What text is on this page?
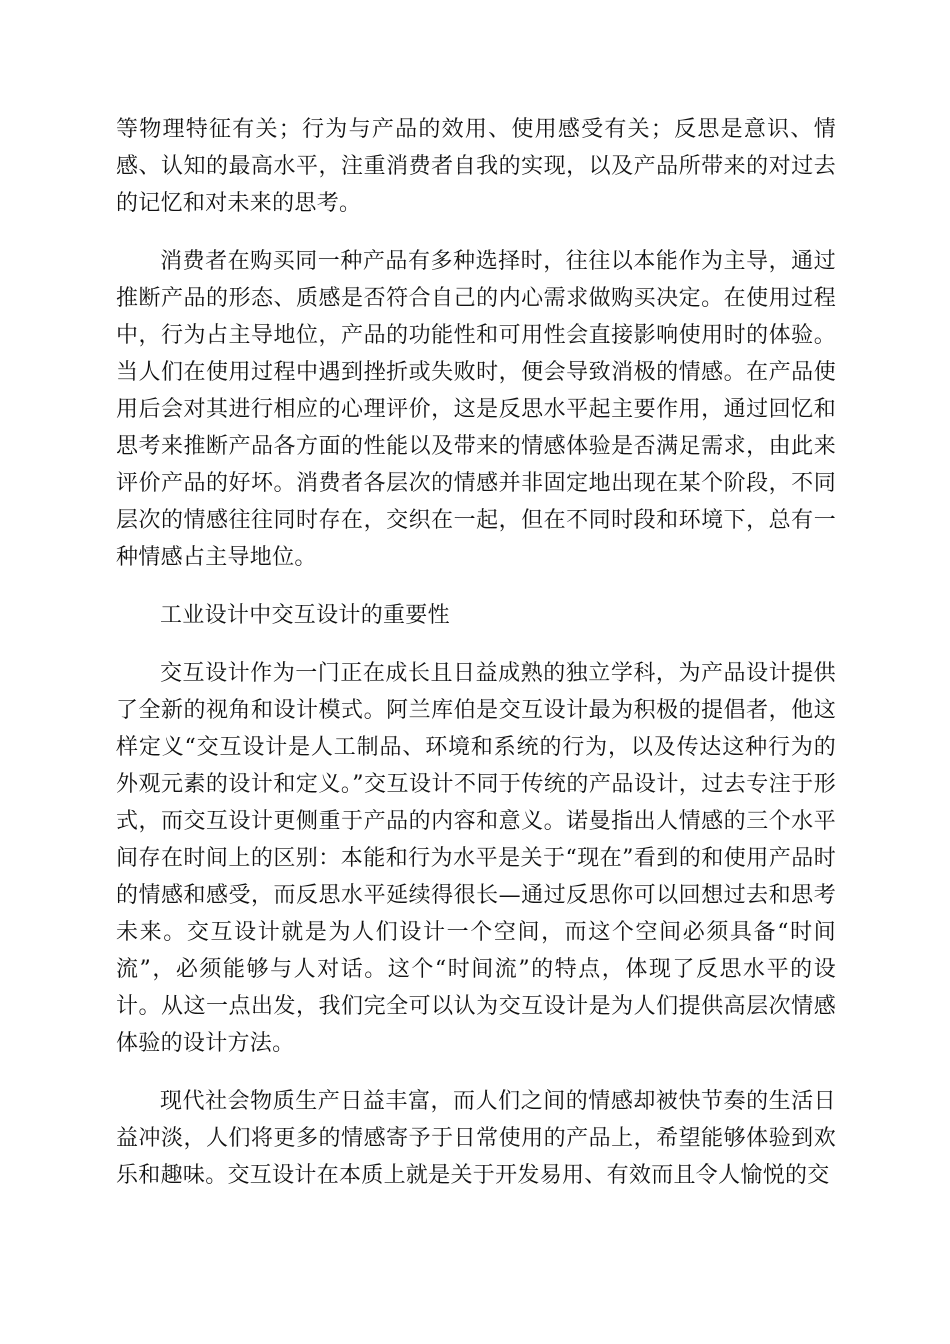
等物理特征有关；行为与产品的效用、使用感受有关；反思是意识、情感、认知的最高水平，注重消费者自我的实现，以及产品所带来的对过去的记忆和对未来的思考。

消费者在购买同一种产品有多种选择时，往往以本能作为主导，通过推断产品的形态、质感是否符合自己的内心需求做购买决定。在使用过程中，行为占主导地位，产品的功能性和可用性会直接影响使用时的体验。当人们在使用过程中遇到挫折或失败时，便会导致消极的情感。在产品使用后会对其进行相应的心理评价，这是反思水平起主要作用，通过回忆和思考来推断产品各方面的性能以及带来的情感体验是否满足需求，由此来评价产品的好坏。消费者各层次的情感并非固定地出现在某个阶段，不同层次的情感往往同时存在，交织在一起，但在不同时段和环境下，总有一种情感占主导地位。

工业设计中交互设计的重要性

交互设计作为一门正在成长且日益成熟的独立学科，为产品设计提供了全新的视角和设计模式。阿兰库伯是交互设计最为积极的提倡者，他这样定义“交互设计是人工制品、环境和系统的行为，以及传达这种行为的外观元素的设计和定义。”交互设计不同于传统的产品设计，过去专注于形式，而交互设计更侧重于产品的内容和意义。诺曼指出人情感的三个水平间存在时间上的区别：本能和行为水平是关于“现在”看到的和使用产品时的情感和感受，而反思水平延续得很长—通过反思你可以回想过去和思考未来。交互设计就是为人们设计一个空间，而这个空间必须具备“时间流”，必须能够与人对话。这个“时间流”的特点，体现了反思水平的设计。从这一点出发，我们完全可以认为交互设计是为人们提供高层次情感体验的设计方法。

现代社会物质生产日益丰富，而人们之间的情感却被快节奏的生活日益冲淡，人们将更多的情感寄予于日常使用的产品上，希望能够体验到欢乐和趣味。交互设计在本质上就是关于开发易用、有效而且令人愉悦的交
